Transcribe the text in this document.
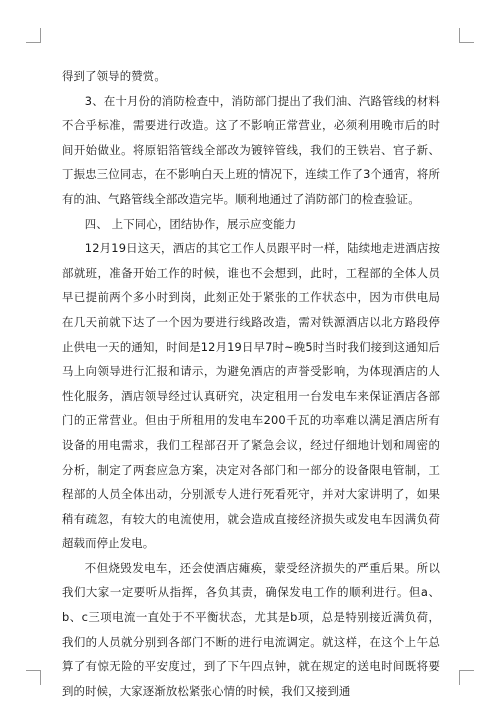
得到了领导的赞赏。

3、在十月份的消防检查中，消防部门提出了我们油、汽路管线的材料不合乎标准，需要进行改造。这了不影响正常营业，必须利用晚市后的时间开始做业。将原铝箔管线全部改为镀锌管线，我们的王铁岩、官子新、丁振忠三位同志，在不影响白天上班的情况下，连续工作了3个通宵，将所有的油、气路管线全部改造完毕。顺利地通过了消防部门的检查验证。

四、 上下同心，团结协作，展示应变能力

12月19日这天，酒店的其它工作人员跟平时一样，陆续地走进酒店按部就班，准备开始工作的时候，谁也不会想到，此时，工程部的全体人员早已提前两个多小时到岗，此刻正处于紧张的工作状态中，因为市供电局在几天前就下达了一个因为要进行线路改造，需对铁源酒店以北方路段停止供电一天的通知，时间是12月19日早7时~晚5时当时我们接到这通知后马上向领导进行汇报和请示，为避免酒店的声誉受影响，为体现酒店的人性化服务，酒店领导经过认真研究，决定租用一台发电车来保证酒店各部门的正常营业。但由于所租用的发电车200千瓦的功率难以满足酒店所有设备的用电需求，我们工程部召开了紧急会议，经过仔细地计划和周密的分析，制定了两套应急方案，决定对各部门和一部分的设备限电管制，工程部的人员全体出动，分别派专人进行死看死守，并对大家讲明了，如果稍有疏忽，有较大的电流使用，就会造成直接经济损失或发电车因满负荷超载而停止发电。

不但烧毁发电车，还会使酒店瘫痪，蒙受经济损失的严重后果。所以我们大家一定要听从指挥，各负其责，确保发电工作的顺利进行。但a、b、c三项电流一直处于不平衡状态，尤其是b项，总是特别接近满负荷，我们的人员就分别到各部门不断的进行电流调定。就这样，在这个上午总算了有惊无险的平安度过，到了下午四点钟，就在规定的送电时间既将要到的时候，大家逐渐放松紧张心情的时候，我们又接到通
